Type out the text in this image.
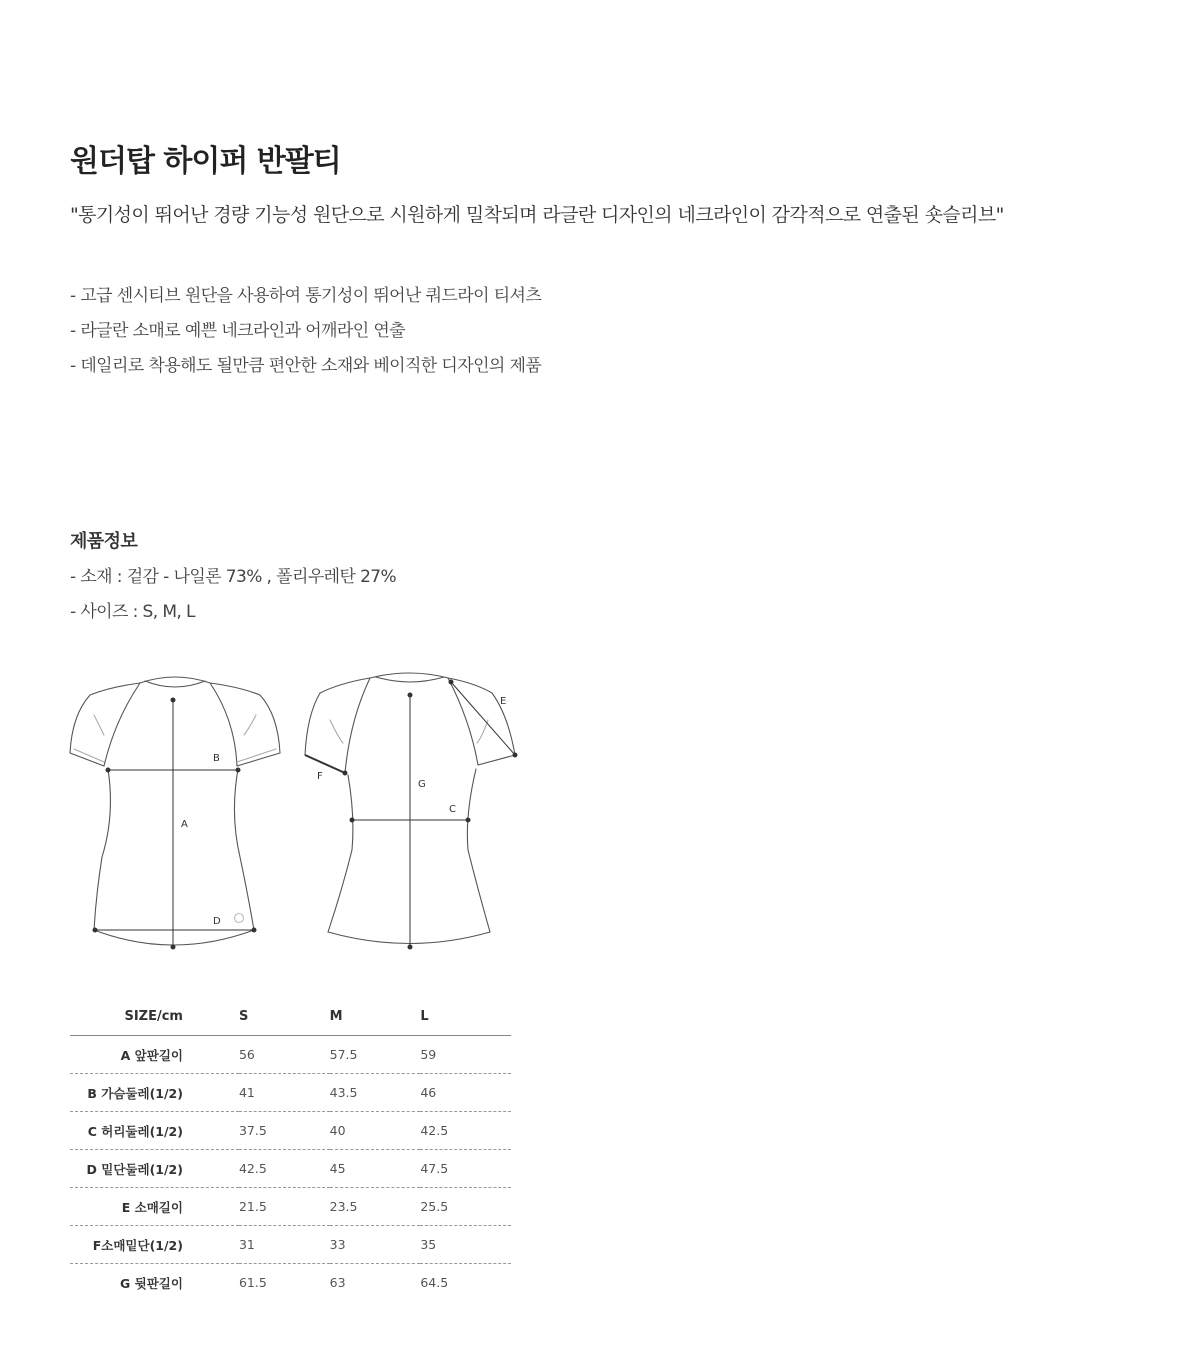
원더탑 하이퍼 반팔티

"통기성이 뛰어난 경량 기능성 원단으로 시원하게 밀착되며 라글란 디자인의 네크라인이 감각적으로 연출된 숏슬리브"

- 고급 센시티브 원단을 사용하여 통기성이 뛰어난 쿼드라이 티셔츠
- 라글란 소매로 예쁜 네크라인과 어깨라인 연출
- 데일리로 착용해도 될만큼 편안한 소재와 베이직한 디자인의 제품
제품정보

- 소재 : 겉감 - 나일론 73% , 폴리우레탄 27%

- 사이즈 : S, M, L

A
B
D
C
E
F
G
SIZE/cm	S	M	L
A 앞판길이	56	57.5	59
B 가슴둘레(1/2)	41	43.5	46
C 허리둘레(1/2)	37.5	40	42.5
D 밑단둘레(1/2)	42.5	45	47.5
E 소매길이	21.5	23.5	25.5
F소매밑단(1/2)	31	33	35
G 뒷판길이	61.5	63	64.5
